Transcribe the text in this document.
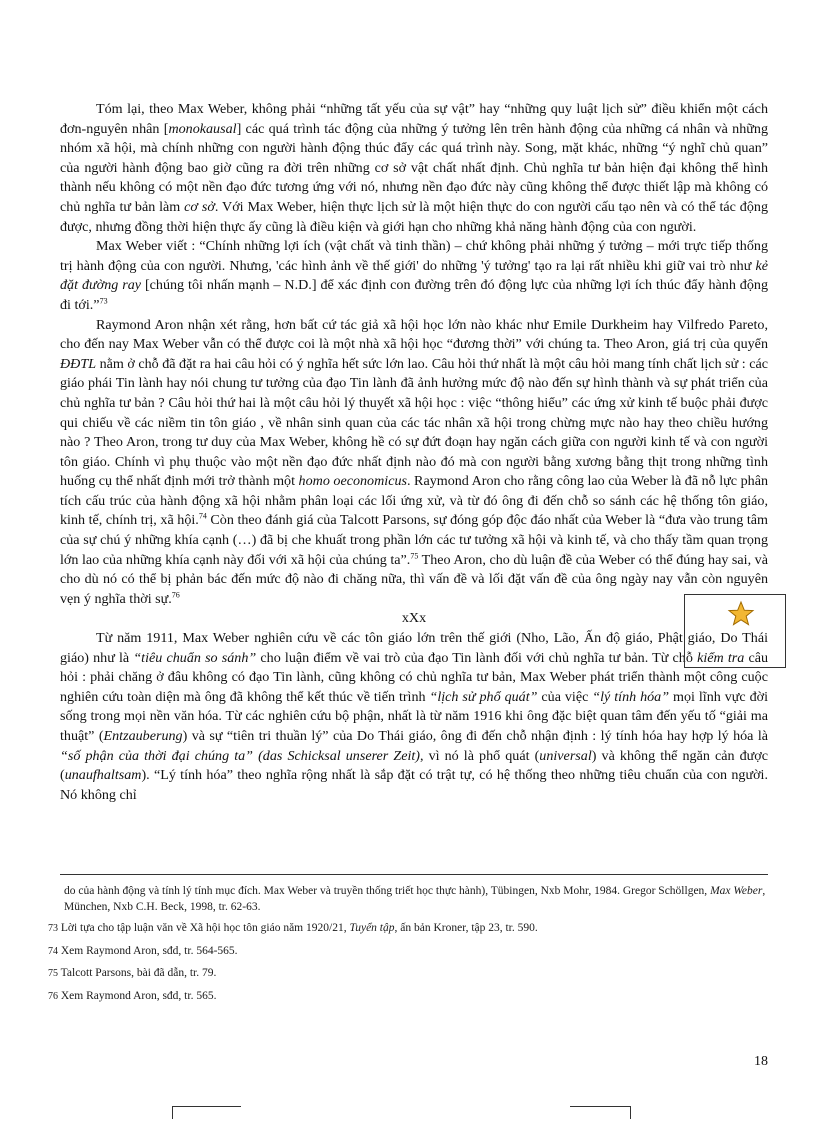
Tóm lại, theo Max Weber, không phải “những tất yếu của sự vật” hay “những quy luật lịch sử” điều khiển một cách đơn-nguyên nhân [monokausal] các quá trình tác động của những ý tưởng lên trên hành động của những cá nhân và những nhóm xã hội, mà chính những con người hành động thúc đẩy các quá trình này. Song, mặt khác, những “ý nghĩ chủ quan” của người hành động bao giờ cũng ra đời trên những cơ sở vật chất nhất định. Chủ nghĩa tư bản hiện đại không thể hình thành nếu không có một nền đạo đức tương ứng với nó, nhưng nền đạo đức này cũng không thể được thiết lập mà không có chủ nghĩa tư bản làm cơ sở. Với Max Weber, hiện thực lịch sử là một hiện thực do con người cấu tạo nên và có thể tác động được, nhưng đồng thời hiện thực ấy cũng là điều kiện và giới hạn cho những khả năng hành động của con người.

Max Weber viết : “Chính những lợi ích (vật chất và tinh thần) – chứ không phải những ý tưởng – mới trực tiếp thống trị hành động của con người. Nhưng, 'các hình ảnh về thế giới' do những 'ý tưởng' tạo ra lại rất nhiều khi giữ vai trò như kẻ đặt đường ray [chúng tôi nhấn mạnh – N.D.] để xác định con đường trên đó động lực của những lợi ích thúc đẩy hành động đi tới.”$^{73}$

Raymond Aron nhận xét rằng, hơn bất cứ tác giả xã hội học lớn nào khác như Emile Durkheim hay Vilfredo Pareto, cho đến nay Max Weber vẫn có thể được coi là một nhà xã hội học “đương thời” với chúng ta. Theo Aron, giá trị của quyển ĐĐTL nằm ở chỗ đã đặt ra hai câu hỏi có ý nghĩa hết sức lớn lao. Câu hỏi thứ nhất là một câu hỏi mang tính chất lịch sử : các giáo phái Tin lành hay nói chung tư tưởng của đạo Tin lành đã ảnh hưởng mức độ nào đến sự hình thành và sự phát triển của chủ nghĩa tư bản ? Câu hỏi thứ hai là một câu hỏi lý thuyết xã hội học : việc “thông hiểu” các ứng xử kinh tế buộc phải được qui chiếu về các niềm tin tôn giáo , về nhân sinh quan của các tác nhân xã hội trong chừng mực nào hay theo chiều hướng nào ? Theo Aron, trong tư duy của Max Weber, không hề có sự đứt đoạn hay ngăn cách giữa con người kinh tế và con người tôn giáo. Chính vì phụ thuộc vào một nền đạo đức nhất định nào đó mà con người bằng xương bằng thịt trong những tình huống cụ thể nhất định mới trở thành một homo oeconomicus. Raymond Aron cho rằng công lao của Weber là đã nỗ lực phân tích cấu trúc của hành động xã hội nhằm phân loại các lối ứng xử, và từ đó ông đi đến chỗ so sánh các hệ thống tôn giáo, kinh tế, chính trị, xã hội.$^{74}$ Còn theo đánh giá của Talcott Parsons, sự đóng góp độc đáo nhất của Weber là “đưa vào trung tâm của sự chú ý những khía cạnh (…) đã bị che khuất trong phần lớn các tư tưởng xã hội và kinh tế, và cho thấy tầm quan trọng lớn lao của những khía cạnh này đối với xã hội của chúng ta”.$^{75}$ Theo Aron, cho dù luận đề của Weber có thể đúng hay sai, và cho dù nó có thể bị phản bác đến mức độ nào đi chăng nữa, thì vấn đề và lối đặt vấn đề của ông ngày nay vẫn còn nguyên vẹn ý nghĩa thời sự.$^{76}$

xXx

Từ năm 1911, Max Weber nghiên cứu về các tôn giáo lớn trên thế giới (Nho, Lão, Ấn độ giáo, Phật giáo, Do Thái giáo) như là “tiêu chuẩn so sánh” cho luận điểm về vai trò của đạo Tin lành đối với chủ nghĩa tư bản. Từ chỗ kiểm tra câu hỏi : phải chăng ở đâu không có đạo Tin lành, cũng không có chủ nghĩa tư bản, Max Weber phát triển thành một công cuộc nghiên cứu toàn diện mà ông đã không thể kết thúc về tiến trình “lịch sử phổ quát” của việc “lý tính hóa” mọi lĩnh vực đời sống trong mọi nền văn hóa. Từ các nghiên cứu bộ phận, nhất là từ năm 1916 khi ông đặc biệt quan tâm đến yếu tố “giải ma thuật” (Entzauberung) và sự “tiên tri thuần lý” của Do Thái giáo, ông đi đến chỗ nhận định : lý tính hóa hay hợp lý hóa là “số phận của thời đại chúng ta” (das Schicksal unserer Zeit), vì nó là phổ quát (universal) và không thể ngăn cản được (unaufhaltsam). “Lý tính hóa” theo nghĩa rộng nhất là sắp đặt có trật tự, có hệ thống theo những tiêu chuẩn của con người. Nó không chỉ

do của hành động và tính lý tính mục đích. Max Weber và truyền thống triết học thực hành), Tübingen, Nxb Mohr, 1984. Gregor Schöllgen, Max Weber, München, Nxb C.H. Beck, 1998, tr. 62-63.

73 Lời tựa cho tập luận văn về Xã hội học tôn giáo năm 1920/21, Tuyển tập, ấn bản Kroner, tập 23, tr. 590.

74 Xem Raymond Aron, sđd, tr. 564-565.

75 Talcott Parsons, bài đã dẫn, tr. 79.

76 Xem Raymond Aron, sđd, tr. 565.

18
